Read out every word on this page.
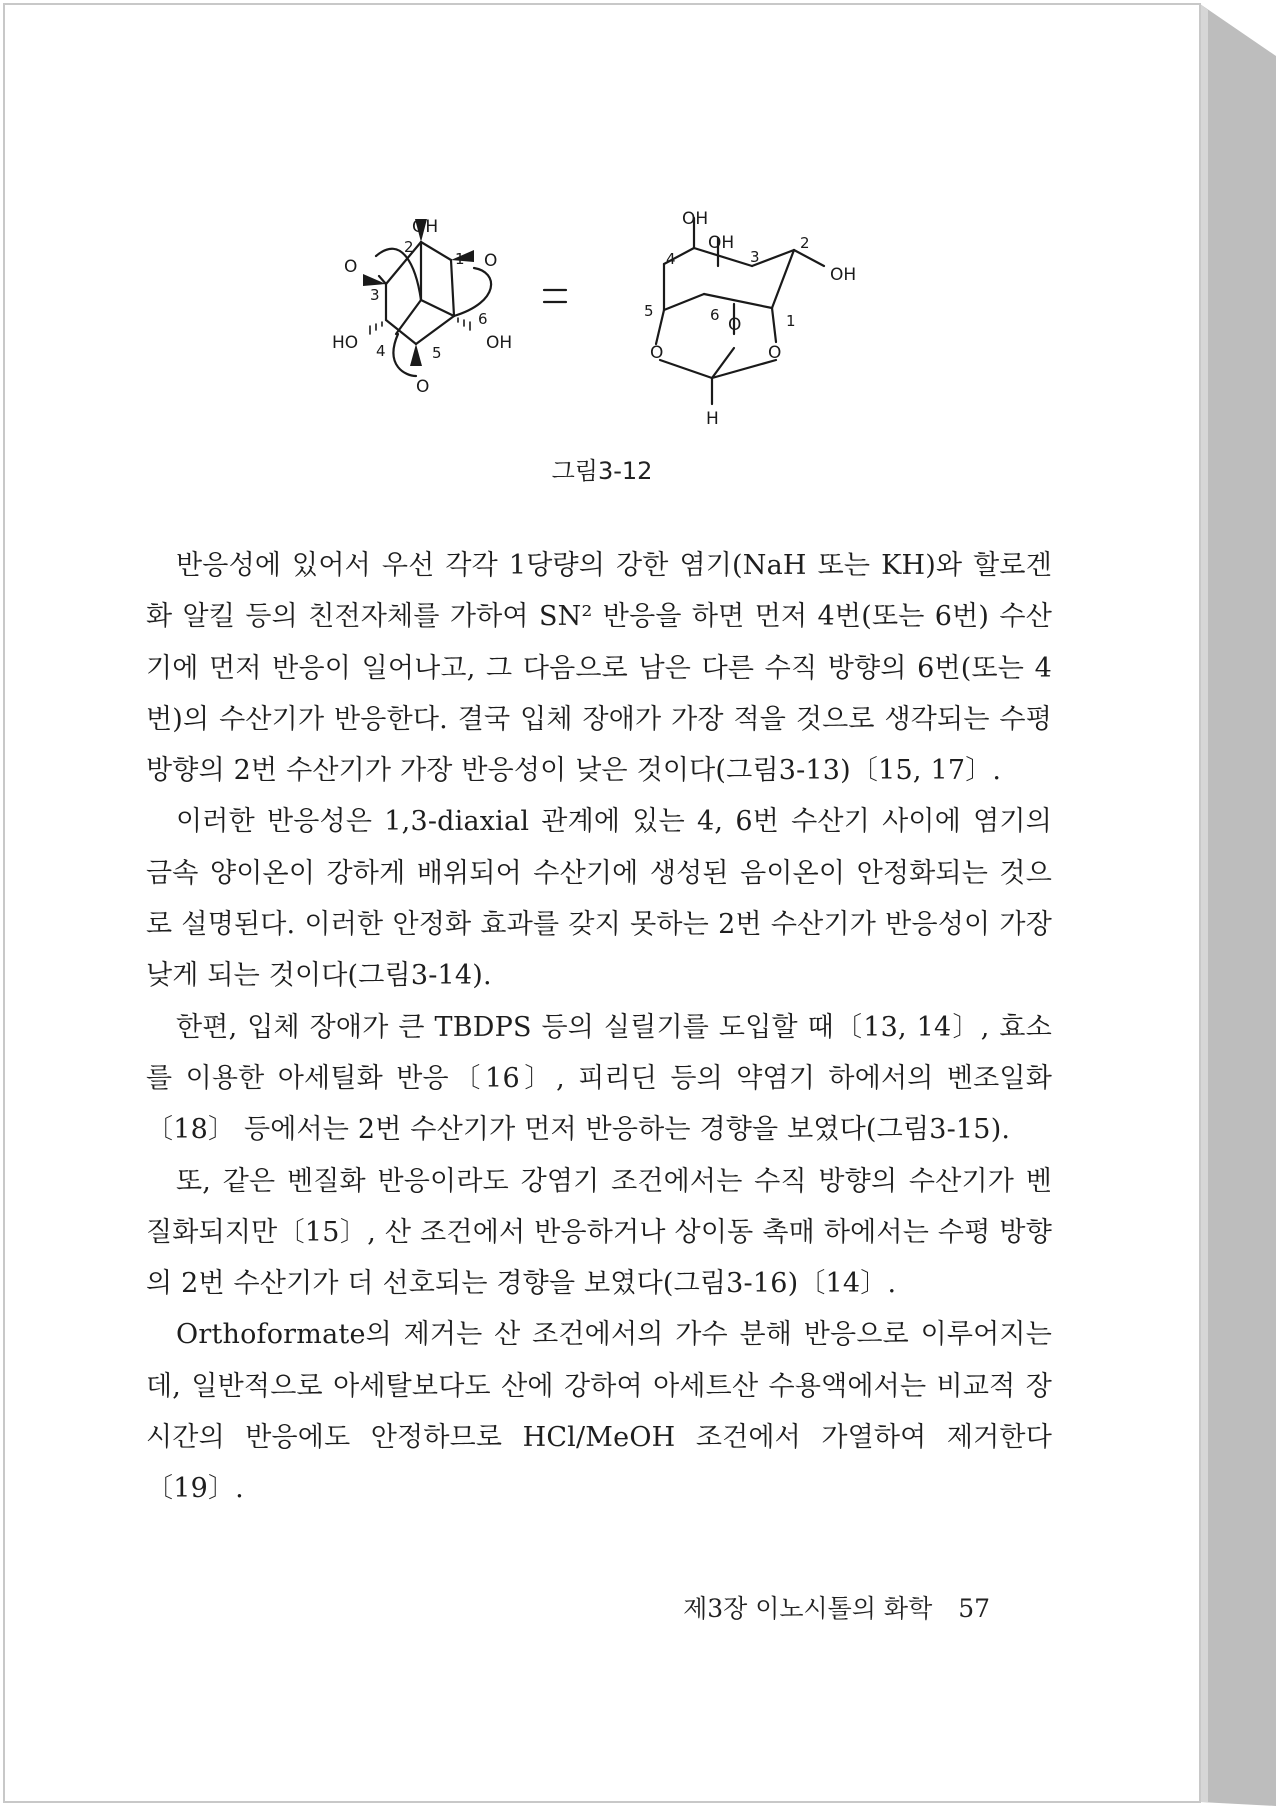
OH
2
1 O
O
3
HO 4
6
OH
5
O
OH
OH
4	3
2
OH
5	6 O	1
O	O
H
그림3-12

반응성에 있어서 우선 각각 1당량의 강한 염기(NaH 또는 KH)와 할로겐화 알킬 등의 친전자체를 가하여 SN² 반응을 하면 먼저 4번(또는 6번) 수산기에 먼저 반응이 일어나고, 그 다음으로 남은 다른 수직 방향의 6번(또는 4번)의 수산기가 반응한다. 결국 입체 장애가 가장 적을 것으로 생각되는 수평 방향의 2번 수산기가 가장 반응성이 낮은 것이다(그림3-13)〔15, 17〕.

이러한 반응성은 1,3-diaxial 관계에 있는 4, 6번 수산기 사이에 염기의 금속 양이온이 강하게 배위되어 수산기에 생성된 음이온이 안정화되는 것으로 설명된다. 이러한 안정화 효과를 갖지 못하는 2번 수산기가 반응성이 가장 낮게 되는 것이다(그림3-14).

한편, 입체 장애가 큰 TBDPS 등의 실릴기를 도입할 때〔13, 14〕, 효소를 이용한 아세틸화 반응〔16〕, 피리딘 등의 약염기 하에서의 벤조일화〔18〕 등에서는 2번 수산기가 먼저 반응하는 경향을 보였다(그림3-15).

또, 같은 벤질화 반응이라도 강염기 조건에서는 수직 방향의 수산기가 벤질화되지만〔15〕, 산 조건에서 반응하거나 상이동 촉매 하에서는 수평 방향의 2번 수산기가 더 선호되는 경향을 보였다(그림3-16)〔14〕.

Orthoformate의 제거는 산 조건에서의 가수 분해 반응으로 이루어지는데, 일반적으로 아세탈보다도 산에 강하여 아세트산 수용액에서는 비교적 장시간의 반응에도 안정하므로 HCl/MeOH 조건에서 가열하여 제거한다〔19〕.

제3장 이노시톨의 화학 57
